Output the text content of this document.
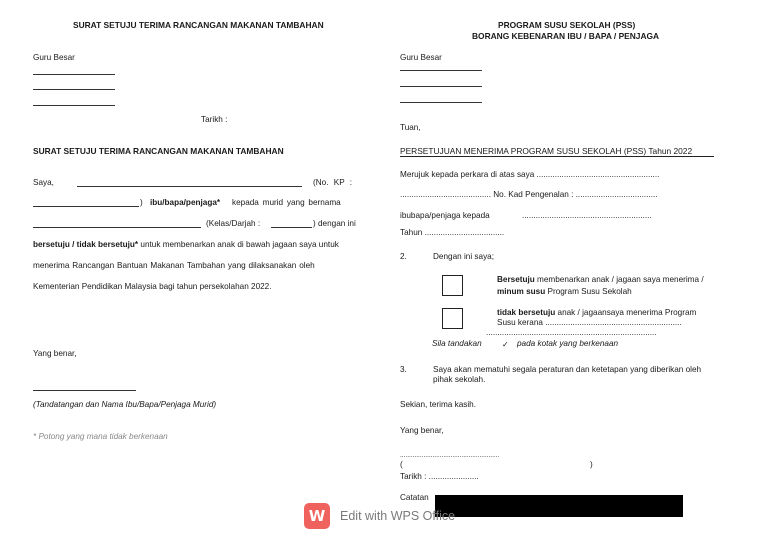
SURAT SETUJU TERIMA RANCANGAN MAKANAN TAMBAHAN
Guru Besar
Tarikh :
SURAT SETUJU TERIMA RANCANGAN MAKANAN TAMBAHAN
Saya,	(No. KP :
) ibu/bapa/penjaga* kepada murid yang bernama
(Kelas/Darjah :	) dengan ini
bersetuju / tidak bersetuju* untuk membenarkan anak di bawah jagaan saya untuk
menerima Rancangan Bantuan Makanan Tambahan yang dilaksanakan oleh
Kementerian Pendidikan Malaysia bagi tahun persekolahan 2022.
Yang benar,
(Tandatangan dan Nama Ibu/Bapa/Penjaga Murid)
* Potong yang mana tidak berkenaan
PROGRAM SUSU SEKOLAH (PSS)
BORANG KEBENARAN IBU / BAPA / PENJAGA
Guru Besar
Tuan,
PERSETUJUAN MENERIMA PROGRAM SUSU SEKOLAH (PSS) Tahun 2022
Merujuk kepada perkara di atas saya ......................................................
........................................ No. Kad Pengenalan : ....................................
ibubapa/penjaga kepada	.........................................................
Tahun ...................................
2.	Dengan ini saya;
Bersetuju membenarkan anak / jagaan saya menerima /
minum susu Program Susu Sekolah
tidak bersetuju anak / jagaansaya menerima Program
Susu kerana ............................................................
...........................................................................
Sila tandakan ✓ pada kotak yang berkenaan
3.	Saya akan mematuhi segala peraturan dan ketetapan yang diberikan oleh
pihak sekolah.
Sekian, terima kasih.
Yang benar,
.......................................................
(	)
Tarikh : ......................
Catatan
W Edit with WPS Office
